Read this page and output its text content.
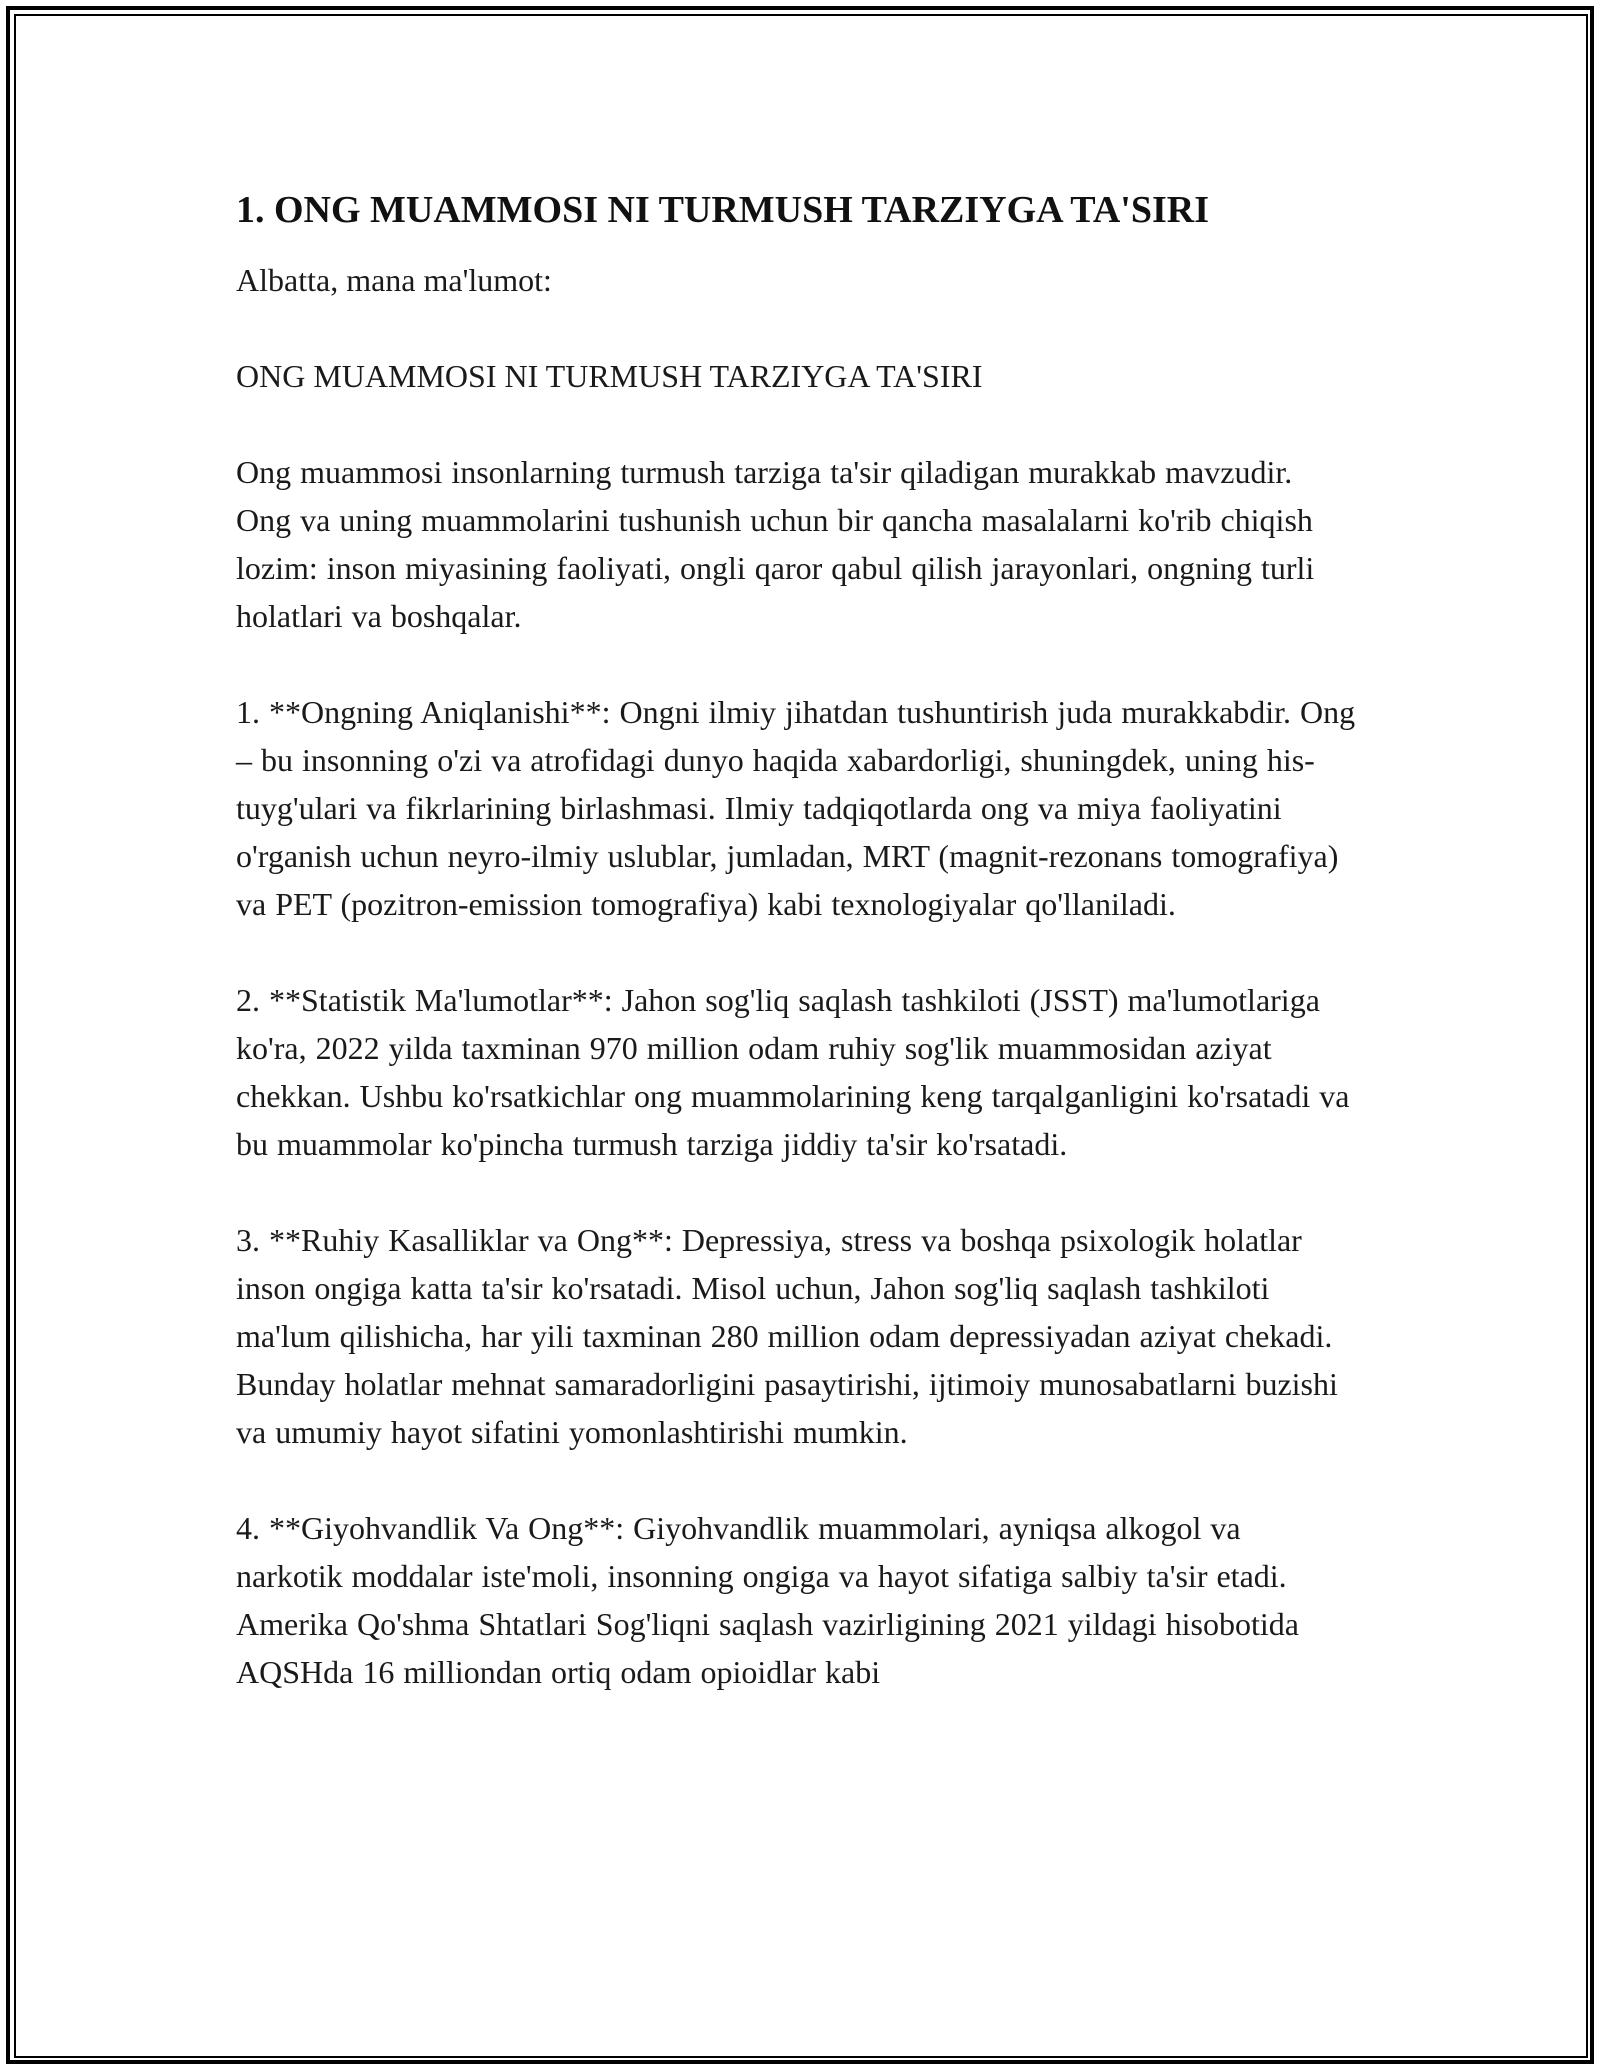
1. ONG MUAMMOSI NI TURMUSH TARZIYGA TA'SIRI

Albatta, mana ma'lumot:

ONG MUAMMOSI NI TURMUSH TARZIYGA TA'SIRI

Ong muammosi insonlarning turmush tarziga ta'sir qiladigan murakkab mavzudir. Ong va uning muammolarini tushunish uchun bir qancha masalalarni ko'rib chiqish lozim: inson miyasining faoliyati, ongli qaror qabul qilish jarayonlari, ongning turli holatlari va boshqalar.

1. **Ongning Aniqlanishi**: Ongni ilmiy jihatdan tushuntirish juda murakkabdir. Ong – bu insonning o'zi va atrofidagi dunyo haqida xabardorligi, shuningdek, uning his-tuyg'ulari va fikrlarining birlashmasi. Ilmiy tadqiqotlarda ong va miya faoliyatini o'rganish uchun neyro-ilmiy uslublar, jumladan, MRT (magnit-rezonans tomografiya) va PET (pozitron-emission tomografiya) kabi texnologiyalar qo'llaniladi.

2. **Statistik Ma'lumotlar**: Jahon sog'liq saqlash tashkiloti (JSST) ma'lumotlariga ko'ra, 2022 yilda taxminan 970 million odam ruhiy sog'lik muammosidan aziyat chekkan. Ushbu ko'rsatkichlar ong muammolarining keng tarqalganligini ko'rsatadi va bu muammolar ko'pincha turmush tarziga jiddiy ta'sir ko'rsatadi.

3. **Ruhiy Kasalliklar va Ong**: Depressiya, stress va boshqa psixologik holatlar inson ongiga katta ta'sir ko'rsatadi. Misol uchun, Jahon sog'liq saqlash tashkiloti ma'lum qilishicha, har yili taxminan 280 million odam depressiyadan aziyat chekadi. Bunday holatlar mehnat samaradorligini pasaytirishi, ijtimoiy munosabatlarni buzishi va umumiy hayot sifatini yomonlashtirishi mumkin.

4. **Giyohvandlik Va Ong**: Giyohvandlik muammolari, ayniqsa alkogol va narkotik moddalar iste'moli, insonning ongiga va hayot sifatiga salbiy ta'sir etadi. Amerika Qo'shma Shtatlari Sog'liqni saqlash vazirligining 2021 yildagi hisobotida AQSHda 16 milliondan ortiq odam opioidlar kabi
